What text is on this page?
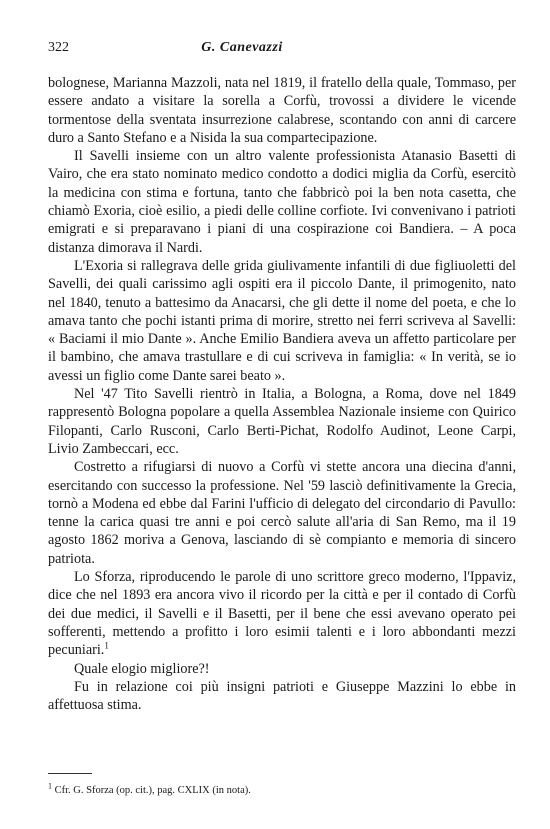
322	G. Canevazzi

bolognese, Marianna Mazzoli, nata nel 1819, il fratello della quale, Tommaso, per essere andato a visitare la sorella a Corfù, trovossi a dividere le vicende tormentose della sventata insurrezione calabrese, scontando con anni di carcere duro a Santo Stefano e a Nisida la sua compartecipazione.

Il Savelli insieme con un altro valente professionista Atanasio Basetti di Vairo, che era stato nominato medico condotto a dodici miglia da Corfù, esercitò la medicina con stima e fortuna, tanto che fabbricò poi la ben nota casetta, che chiamò Exoria, cioè esilio, a piedi delle colline corfiote. Ivi convenivano i patrioti emigrati e si preparavano i piani di una cospirazione coi Bandiera. – A poca distanza dimorava il Nardi.

L'Exoria si rallegrava delle grida giulivamente infantili di due figliuoletti del Savelli, dei quali carissimo agli ospiti era il piccolo Dante, il primogenito, nato nel 1840, tenuto a battesimo da Anacarsi, che gli dette il nome del poeta, e che lo amava tanto che pochi istanti prima di morire, stretto nei ferri scriveva al Savelli: « Baciami il mio Dante ». Anche Emilio Bandiera aveva un affetto particolare per il bambino, che amava trastullare e di cui scriveva in famiglia: « In verità, se io avessi un figlio come Dante sarei beato ».

Nel '47 Tito Savelli rientrò in Italia, a Bologna, a Roma, dove nel 1849 rappresentò Bologna popolare a quella Assemblea Nazionale insieme con Quirico Filopanti, Carlo Rusconi, Carlo Berti-Pichat, Rodolfo Audinot, Leone Carpi, Livio Zambeccari, ecc.

Costretto a rifugiarsi di nuovo a Corfù vi stette ancora una diecina d'anni, esercitando con successo la professione. Nel '59 lasciò definitivamente la Grecia, tornò a Modena ed ebbe dal Farini l'ufficio di delegato del circondario di Pavullo: tenne la carica quasi tre anni e poi cercò salute all'aria di San Remo, ma il 19 agosto 1862 moriva a Genova, lasciando di sè compianto e memoria di sincero patriota.

Lo Sforza, riproducendo le parole di uno scrittore greco moderno, l'Ippaviz, dice che nel 1893 era ancora vivo il ricordo per la città e per il contado di Corfù dei due medici, il Savelli e il Basetti, per il bene che essi avevano operato pei sofferenti, mettendo a profitto i loro esimii talenti e i loro abbondanti mezzi pecuniari.$^1$

Quale elogio migliore?!

Fu in relazione coi più insigni patrioti e Giuseppe Mazzini lo ebbe in affettuosa stima.

$^1$ Cfr. G. Sforza (op. cit.), pag. CXLIX (in nota).
